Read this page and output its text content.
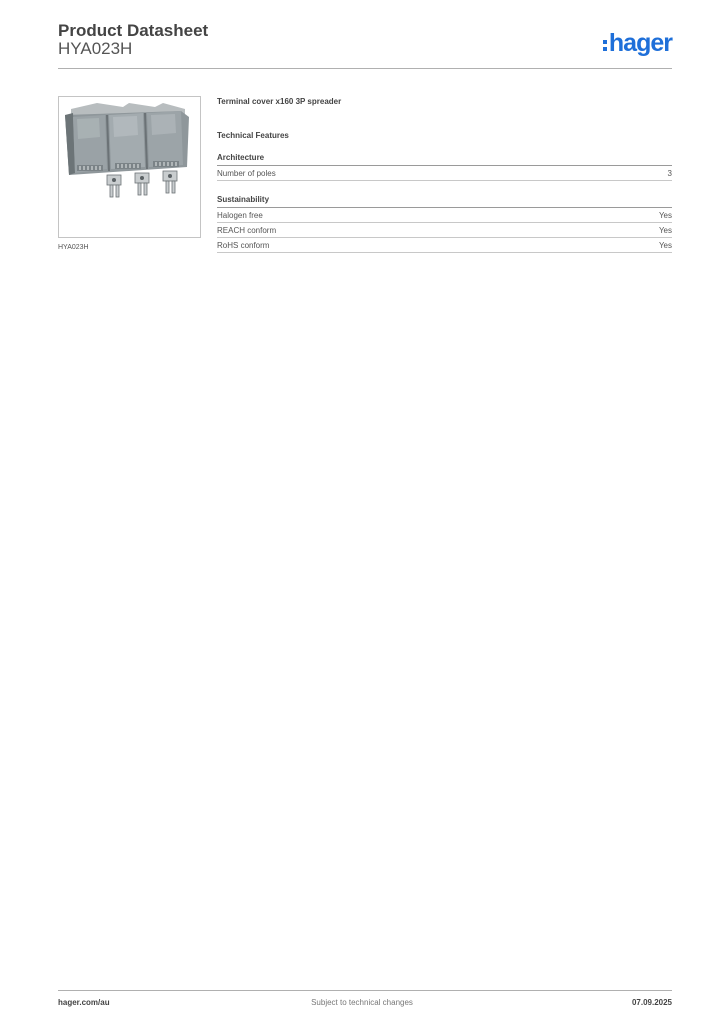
Product Datasheet
HYA023H	hager
HYA023H
Terminal cover x160 3P spreader
Technical Features
Architecture
Number of poles	3
Sustainability
Halogen free	Yes
REACH conform	Yes
RoHS conform	Yes
hager.com/au	Subject to technical changes	07.09.2025
